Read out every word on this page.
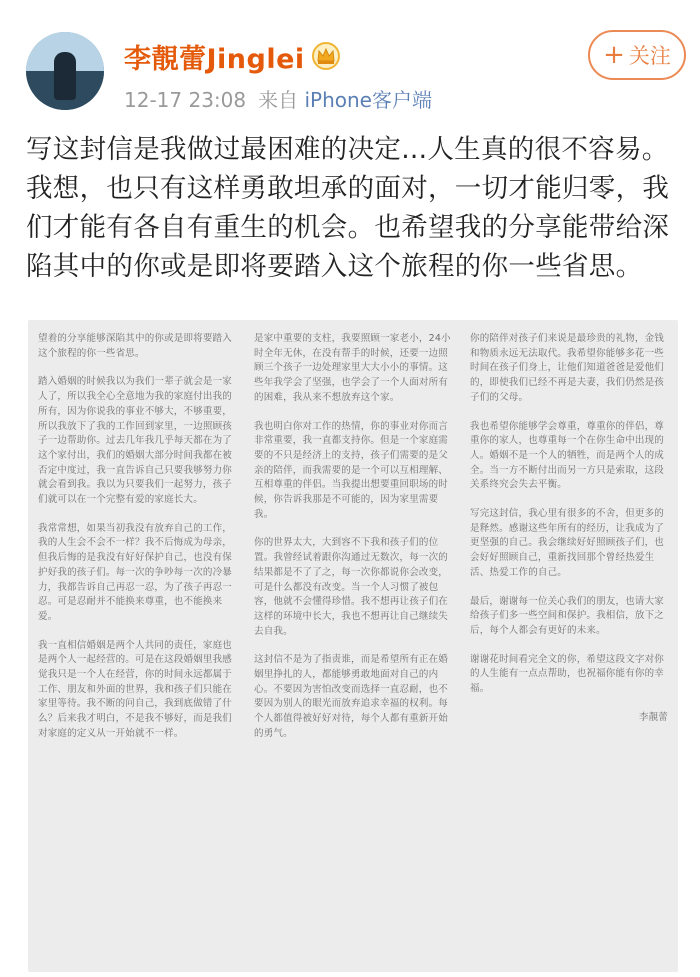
李靚蕾Jinglei
12-17 23:08 来自 iPhone客户端
+ 关注
写这封信是我做过最困难的决定...人生真的很不容易。我想，也只有这样勇敢坦承的面对，一切才能归零，我们才能有各自有重生的机会。也希望我的分享能带给深陷其中的你或是即将要踏入这个旅程的你一些省思。

望着的分享能够深陷其中的你或是即将要踏入这个旅程的你一些省思。

踏入婚姻的时候我以为我们一辈子就会是一家人了，所以我全心全意地为我的家庭付出我的所有，因为你说我的事业不够大，不够重要，所以我放下了我的工作回到家里，一边照顾孩子一边帮助你。过去几年我几乎每天都在为了这个家付出，我们的婚姻大部分时间我都在被否定中度过，我一直告诉自己只要我够努力你就会看到我。我以为只要我们一起努力，孩子们就可以在一个完整有爱的家庭长大。

我常常想，如果当初我没有放弃自己的工作，我的人生会不会不一样？我不后悔成为母亲，但我后悔的是我没有好好保护自己，也没有保护好我的孩子们。每一次的争吵每一次的冷暴力，我都告诉自己再忍一忍，为了孩子再忍一忍。可是忍耐并不能换来尊重，也不能换来爱。

我一直相信婚姻是两个人共同的责任，家庭也是两个人一起经营的。可是在这段婚姻里我感觉我只是一个人在经营，你的时间永远都属于工作、朋友和外面的世界，我和孩子们只能在家里等待。我不断的问自己，我到底做错了什么？后来我才明白，不是我不够好，而是我们对家庭的定义从一开始就不一样。

是家中重要的支柱，我要照顾一家老小，24小时全年无休，在没有帮手的时候，还要一边照顾三个孩子一边处理家里大大小小的事情。这些年我学会了坚强，也学会了一个人面对所有的困难，我从来不想放弃这个家。

我也明白你对工作的热情，你的事业对你而言非常重要，我一直都支持你。但是一个家庭需要的不只是经济上的支持，孩子们需要的是父亲的陪伴，而我需要的是一个可以互相理解、互相尊重的伴侣。当我提出想要重回职场的时候，你告诉我那是不可能的，因为家里需要我。

你的世界太大，大到容不下我和孩子们的位置。我曾经试着跟你沟通过无数次，每一次的结果都是不了了之，每一次你都说你会改变，可是什么都没有改变。当一个人习惯了被包容，他就不会懂得珍惜。我不想再让孩子们在这样的环境中长大，我也不想再让自己继续失去自我。

这封信不是为了指责谁，而是希望所有正在婚姻里挣扎的人，都能够勇敢地面对自己的内心。不要因为害怕改变而选择一直忍耐，也不要因为别人的眼光而放弃追求幸福的权利。每个人都值得被好好对待，每个人都有重新开始的勇气。

你的陪伴对孩子们来说是最珍贵的礼物，金钱和物质永远无法取代。我希望你能够多花一些时间在孩子们身上，让他们知道爸爸是爱他们的，即使我们已经不再是夫妻，我们仍然是孩子们的父母。

我也希望你能够学会尊重，尊重你的伴侣，尊重你的家人，也尊重每一个在你生命中出现的人。婚姻不是一个人的牺牲，而是两个人的成全。当一方不断付出而另一方只是索取，这段关系终究会失去平衡。

写完这封信，我心里有很多的不舍，但更多的是释然。感谢这些年所有的经历，让我成为了更坚强的自己。我会继续好好照顾孩子们，也会好好照顾自己，重新找回那个曾经热爱生活、热爱工作的自己。

最后，谢谢每一位关心我们的朋友，也请大家给孩子们多一些空间和保护。我相信，放下之后，每个人都会有更好的未来。

谢谢花时间看完全文的你，希望这段文字对你的人生能有一点点帮助，也祝福你能有你的幸福。

李靚蕾
